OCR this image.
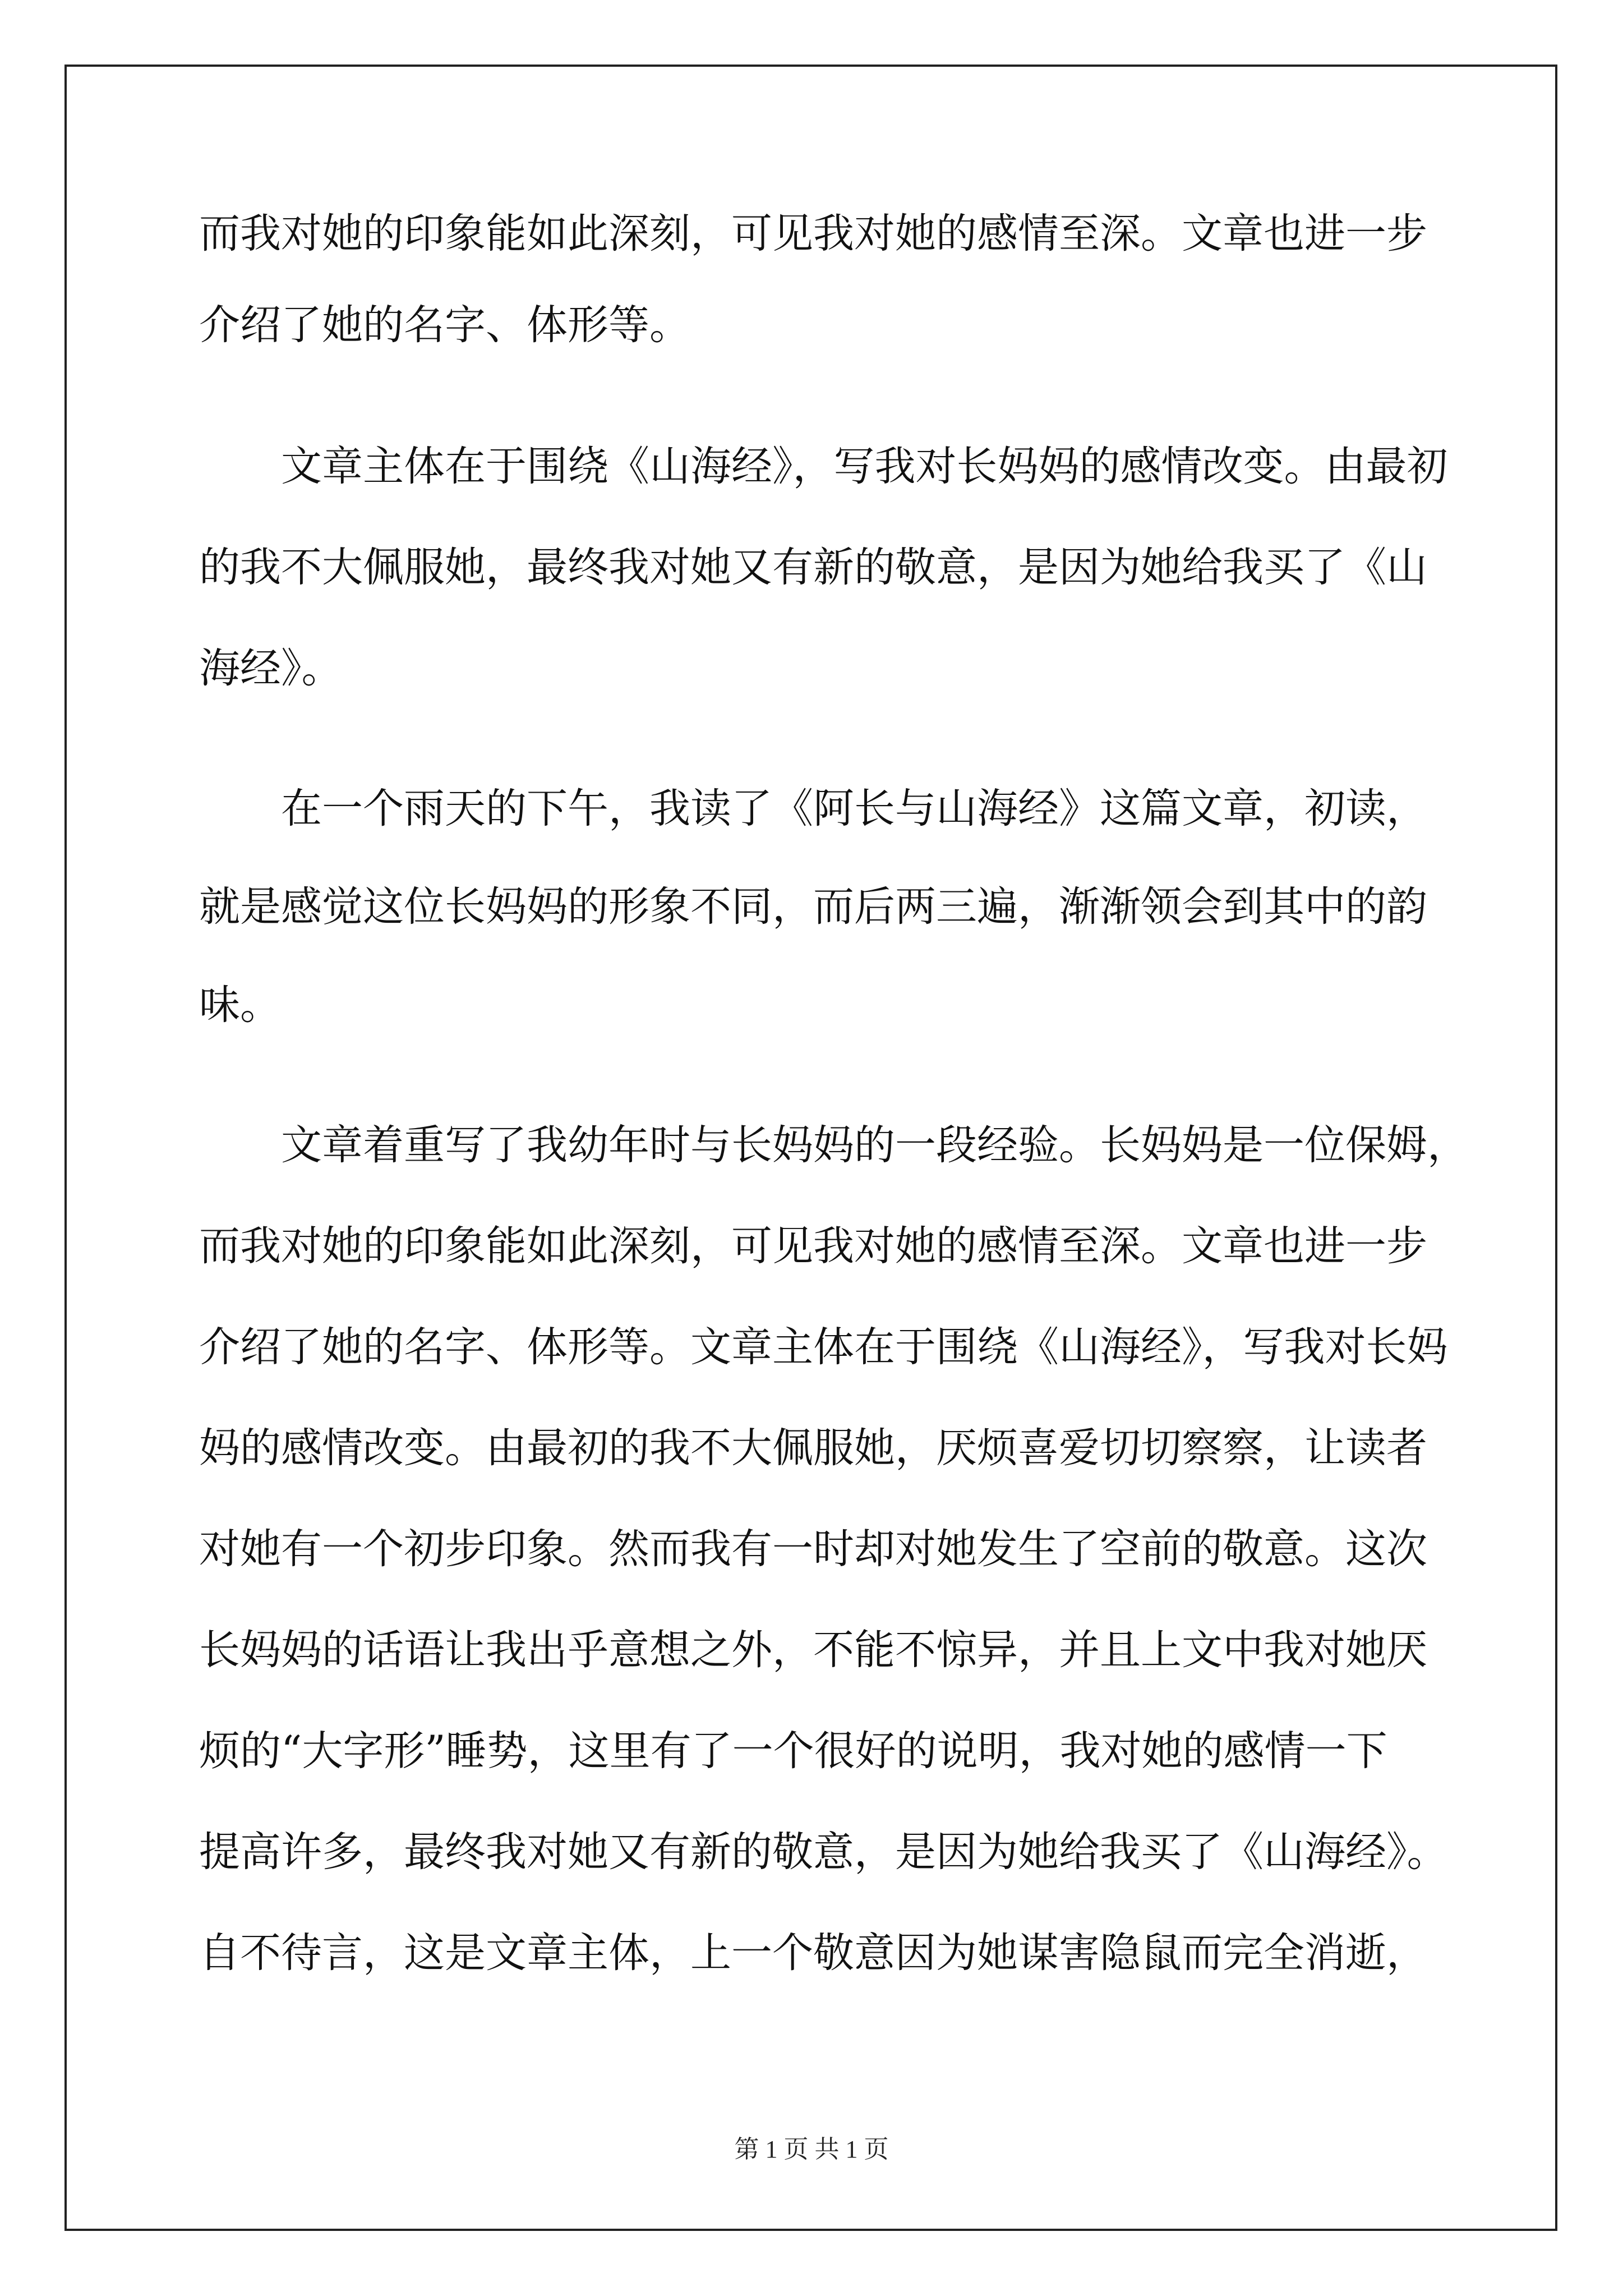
而我对她的印象能如此深刻，可见我对她的感情至深。文章也进一步
介绍了她的名字、体形等。
文章主体在于围绕《山海经》，写我对长妈妈的感情改变。由最初
的我不大佩服她，最终我对她又有新的敬意，是因为她给我买了《山
海经》。
在一个雨天的下午，我读了《阿长与山海经》这篇文章，初读，
就是感觉这位长妈妈的形象不同，而后两三遍，渐渐领会到其中的韵
味。
文章着重写了我幼年时与长妈妈的一段经验。长妈妈是一位保姆，
而我对她的印象能如此深刻，可见我对她的感情至深。文章也进一步
介绍了她的名字、体形等。文章主体在于围绕《山海经》，写我对长妈
妈的感情改变。由最初的我不大佩服她，厌烦喜爱切切察察，让读者
对她有一个初步印象。然而我有一时却对她发生了空前的敬意。这次
长妈妈的话语让我出乎意想之外，不能不惊异，并且上文中我对她厌
烦的“大字形”睡势，这里有了一个很好的说明，我对她的感情一下
提高许多，最终我对她又有新的敬意，是因为她给我买了《山海经》。
自不待言，这是文章主体，上一个敬意因为她谋害隐鼠而完全消逝，
第 1 页 共 1 页
